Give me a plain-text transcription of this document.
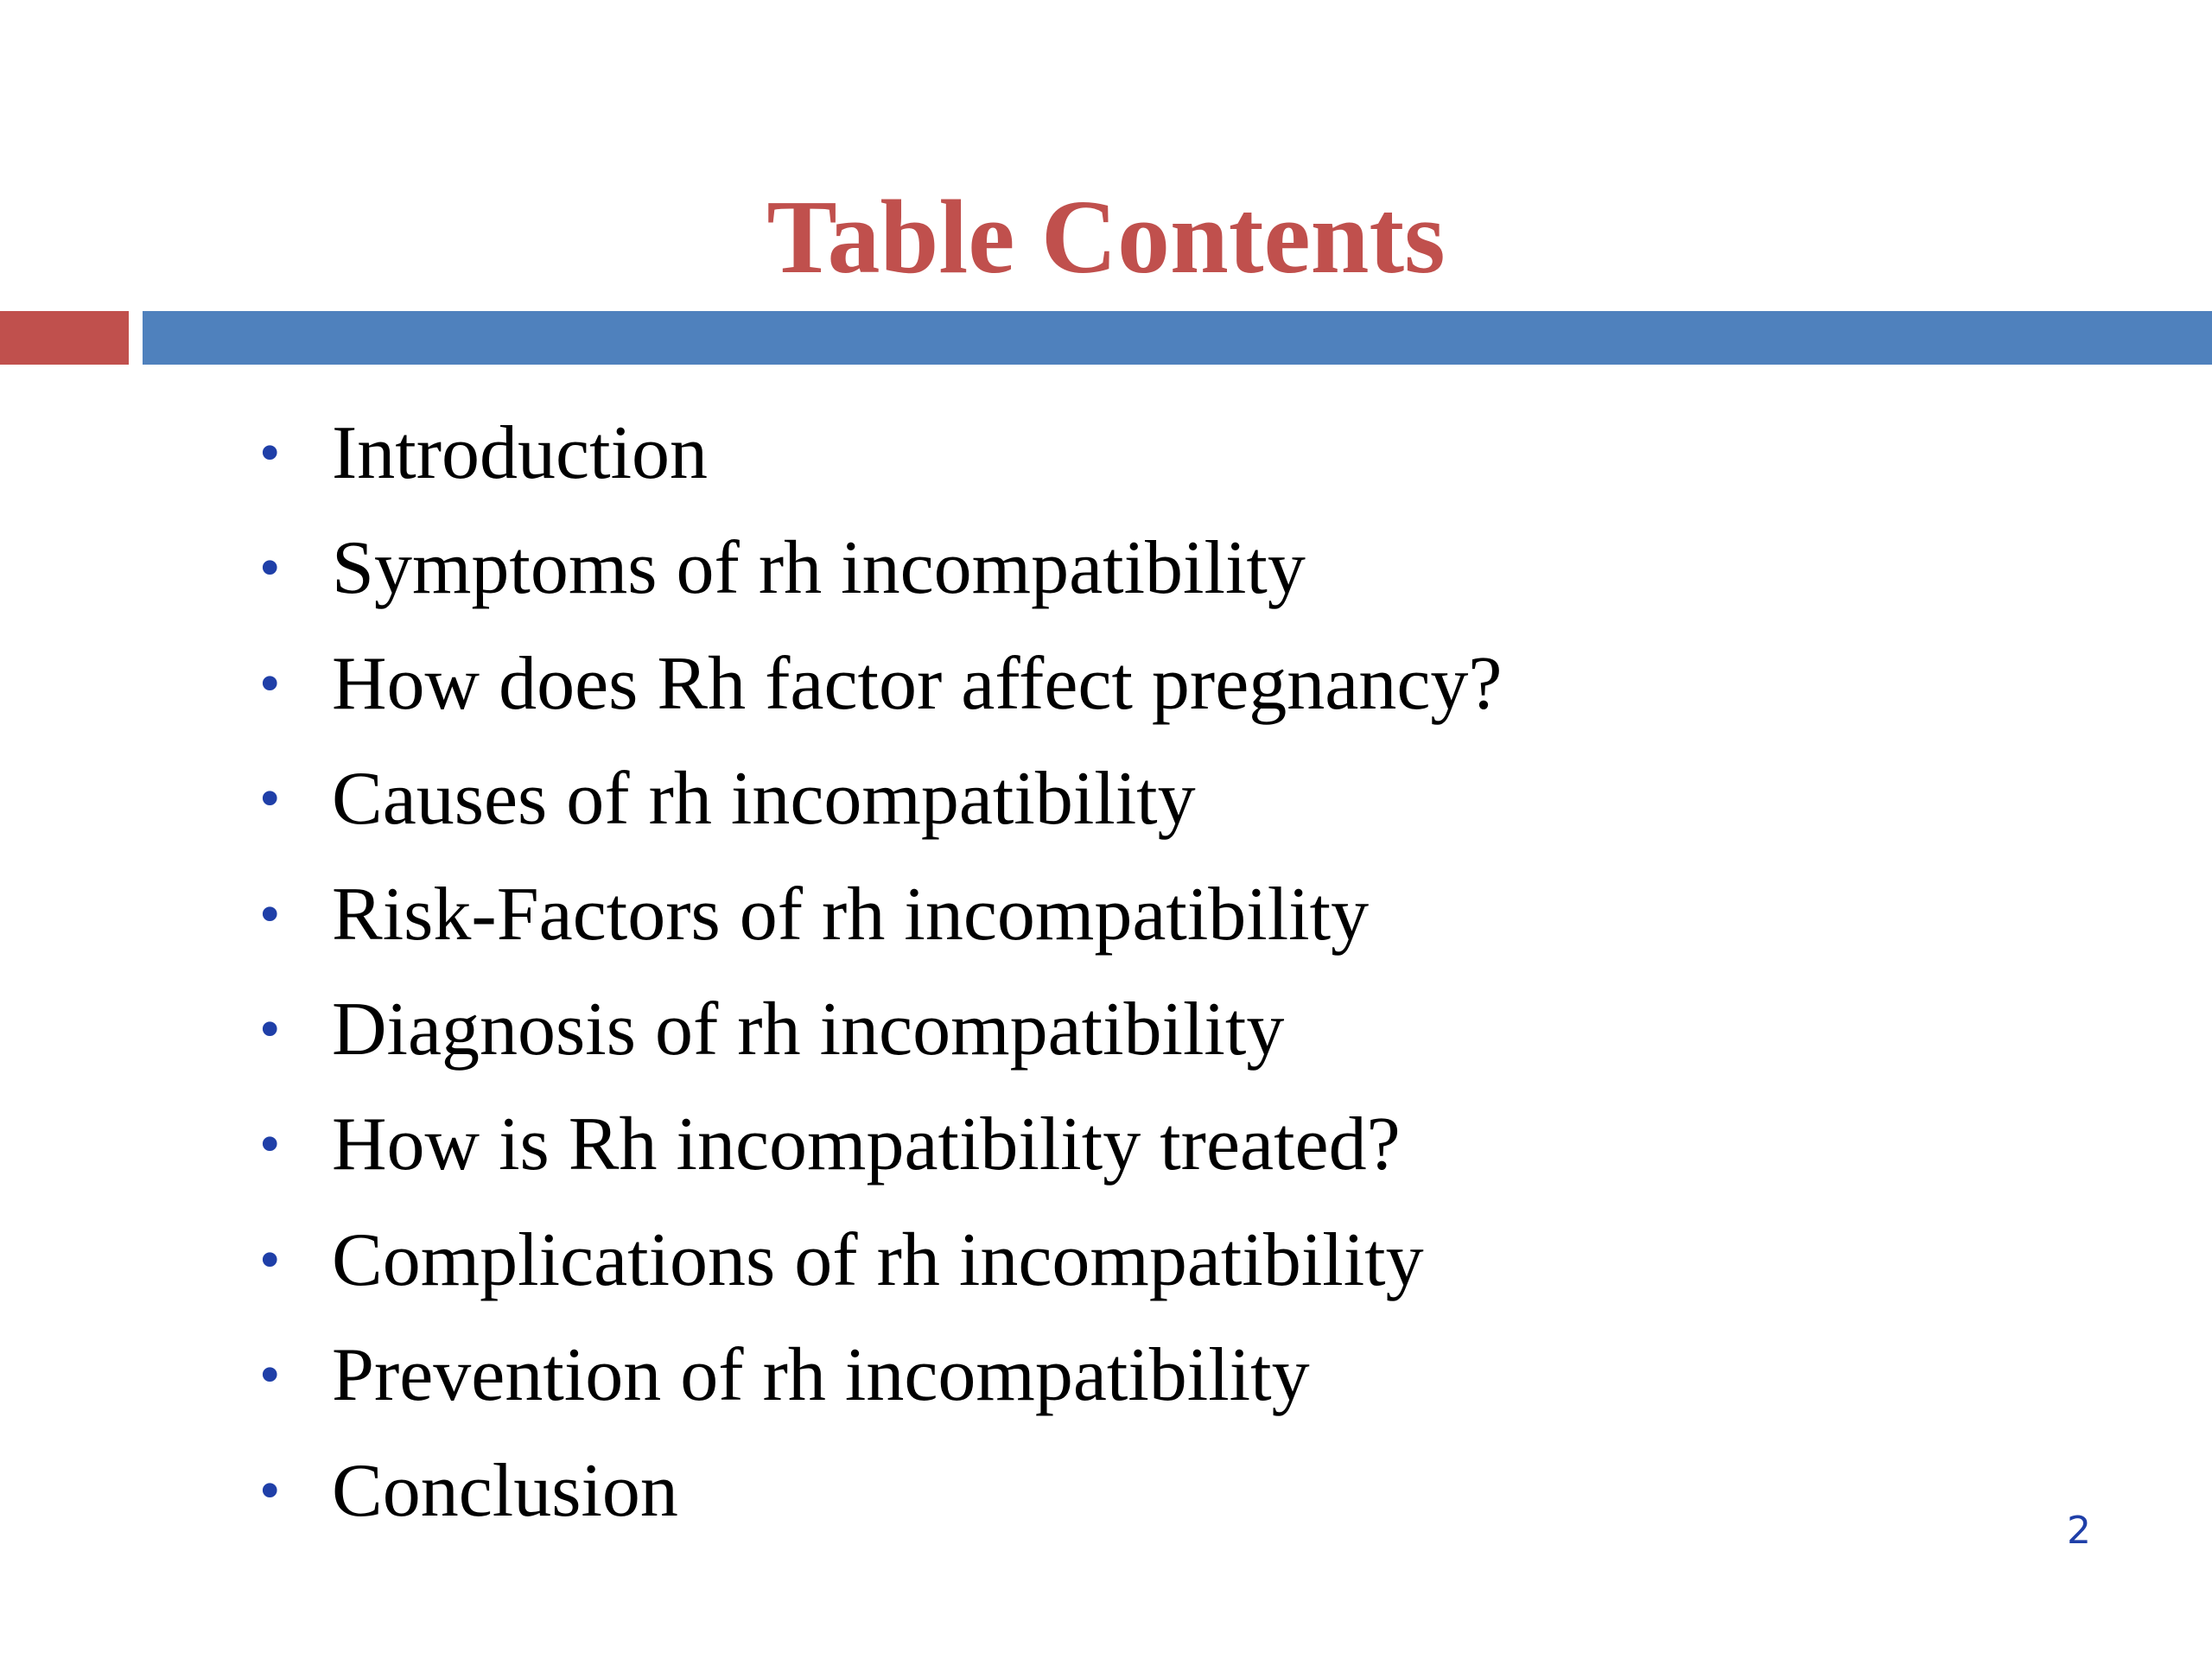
Table Contents
• Introduction
• Symptoms of rh incompatibility
• How does Rh factor affect pregnancy?
• Causes of rh incompatibility
• Risk-Factors of rh incompatibility
• Diagnosis of rh incompatibility
• How is Rh incompatibility treated?
• Complications of rh incompatibility
• Prevention of rh incompatibility
• Conclusion	2
